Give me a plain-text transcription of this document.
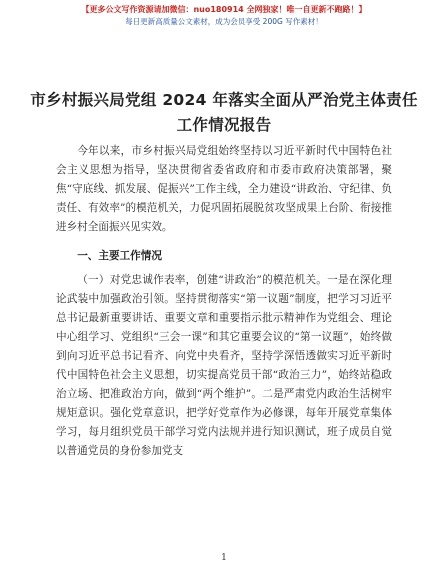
【更多公文写作资源请加微信：nuo180914 全网独家！唯一自更新不跑路！】
每日更新高质量公文素材，成为会员享受 200G 写作素材！
市乡村振兴局党组 2024 年落实全面从严治党主体责任工作情况报告

今年以来，市乡村振兴局党组始终坚持以习近平新时代中国特色社会主义思想为指导，坚决贯彻省委省政府和市委市政府决策部署，聚焦“守底线、抓发展、促振兴”工作主线，全力建设“讲政治、守纪律、负责任、有效率”的模范机关，力促巩固拓展脱贫攻坚成果上台阶、衔接推进乡村全面振兴见实效。

一、主要工作情况

（一）对党忠诚作表率，创建“讲政治”的模范机关。一是在深化理论武装中加强政治引领。坚持贯彻落实“第一议题”制度，把学习习近平总书记最新重要讲话、重要文章和重要指示批示精神作为党组会、理论中心组学习、党组织“三会一课”和其它重要会议的“第一议题”，始终做到向习近平总书记看齐、向党中央看齐，坚持学深悟透做实习近平新时代中国特色社会主义思想，切实提高党员干部“政治三力”，始终站稳政治立场、把准政治方向，做到“两个维护”。二是严肃党内政治生活树牢规矩意识。强化党章意识，把学好党章作为必修课，每年开展党章集体学习，每月组织党员干部学习党内法规并进行知识测试，班子成员自觉以普通党员的身份参加党支

1
